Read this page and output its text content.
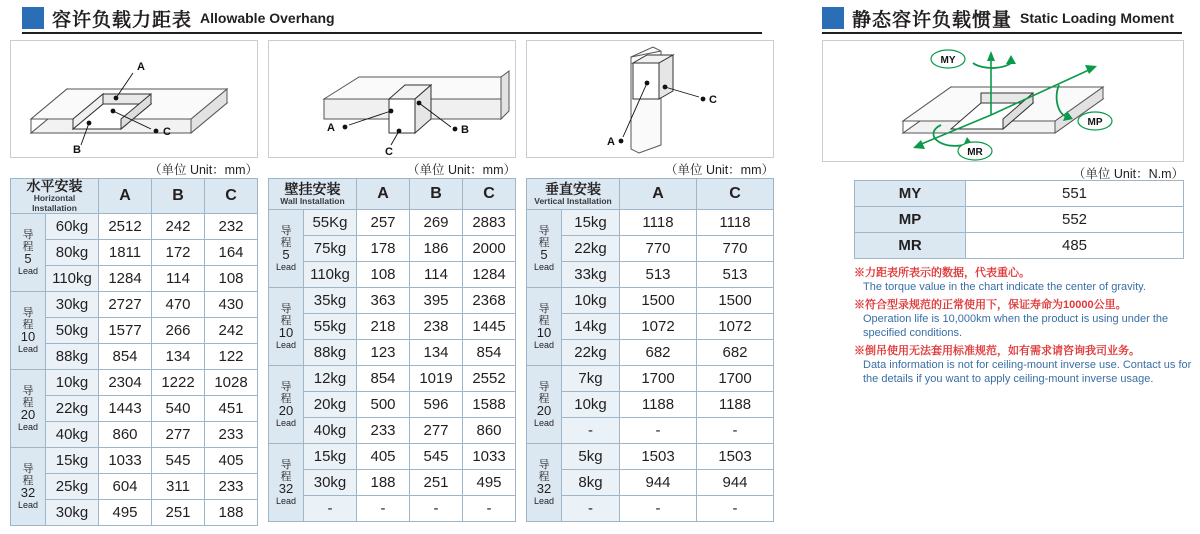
容许负载力距表 Allowable Overhang	静态容许负载惯量 Static Loading Moment
A
C
B
（单位 Unit：mm）
A	B
C
（单位 Unit：mm）
A
C
（单位 Unit：mm）
MY
MP
MR
（单位 Unit：N.m）
水平安装
Horizontal Installation		A	B	C

导
程
5
Lead	60kg	2512	242	232
	80kg	1811	172	164
	110kg	1284	114	108

导
程
10
Lead	30kg	2727	470	430
	50kg	1577	266	242
	88kg	854	134	122

导
程
20
Lead	10kg	2304	1222	1028
	22kg	1443	540	451
	40kg	860	277	233

导
程
32
Lead	15kg	1033	545	405
	25kg	604	311	233
	30kg	495	251	188
壁挂安装
Wall Installation		A	B	C

导
程
5
Lead	55Kg	257	269	2883
	75kg	178	186	2000
	110kg	108	114	1284

导
程
10
Lead	35kg	363	395	2368
	55kg	218	238	1445
	88kg	123	134	854

导
程
20
Lead	12kg	854	1019	2552
	20kg	500	596	1588
	40kg	233	277	860

导
程
32
Lead	15kg	405	545	1033
	30kg	188	251	495
	-	-	-	-
垂直安装
Vertical Installation		A	C

导
程
5
Lead	15kg	1118	1118
	22kg	770	770
	33kg	513	513

导
程
10
Lead	10kg	1500	1500
	14kg	1072	1072
	22kg	682	682

导
程
20
Lead	7kg	1700	1700
	10kg	1188	1188
	-	-	-

导
程
32
Lead	5kg	1503	1503
	8kg	944	944
	-	-	-
MY	551
MP	552
MR	485
※力距表所表示的数据，代表重心。
The torque value in the chart indicate the center of gravity.
※符合型录规范的正常使用下，保证寿命为10000公里。
Operation life is 10,000km when the product is using under the specified conditions.
※倒吊使用无法套用标准规范，如有需求请咨询我司业务。
Data information is not for ceiling-mount inverse use. Contact us for the details if you want to apply ceiling-mount inverse usage.
